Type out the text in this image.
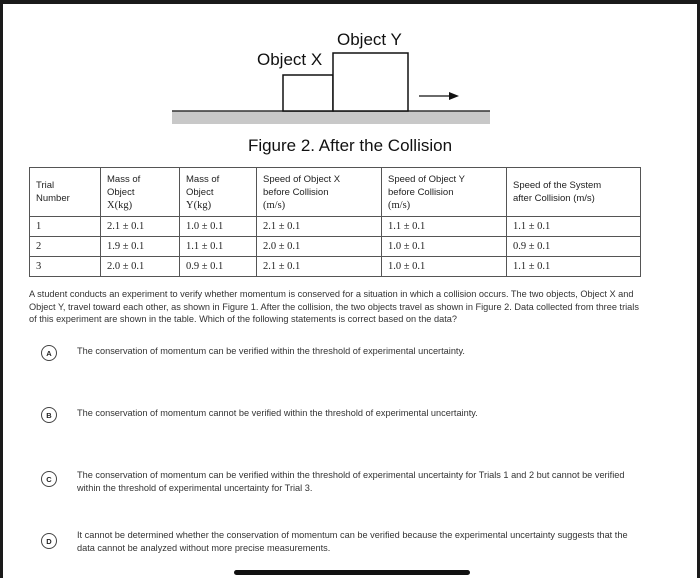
Object X
Object Y
Figure 2. After the Collision
Trial
Number	Mass of
Object
X(kg)	Mass of
Object
Y(kg)	Speed of Object X
before Collision
(m/s)	Speed of Object Y
before Collision
(m/s)	Speed of the System
after Collision (m/s)

1	2.1 ± 0.1	1.0 ± 0.1	2.1 ± 0.1	1.1 ± 0.1	1.1 ± 0.1
2	1.9 ± 0.1	1.1 ± 0.1	2.0 ± 0.1	1.0 ± 0.1	0.9 ± 0.1
3	2.0 ± 0.1	0.9 ± 0.1	2.1 ± 0.1	1.0 ± 0.1	1.1 ± 0.1
A student conducts an experiment to verify whether momentum is conserved for a situation in which a collision occurs. The two objects, Object X and Object Y, travel toward each other, as shown in Figure 1. After the collision, the two objects travel as shown in Figure 2. Data collected from three trials of this experiment are shown in the table. Which of the following statements is correct based on the data?
A	The conservation of momentum can be verified within the threshold of experimental uncertainty.
B	The conservation of momentum cannot be verified within the threshold of experimental uncertainty.
C	The conservation of momentum can be verified within the threshold of experimental uncertainty for Trials 1 and 2 but cannot be verified within the threshold of experimental uncertainty for Trial 3.
D
It cannot be determined whether the conservation of momentum can be verified because the experimental uncertainty suggests that the data cannot be analyzed without more precise measurements.
